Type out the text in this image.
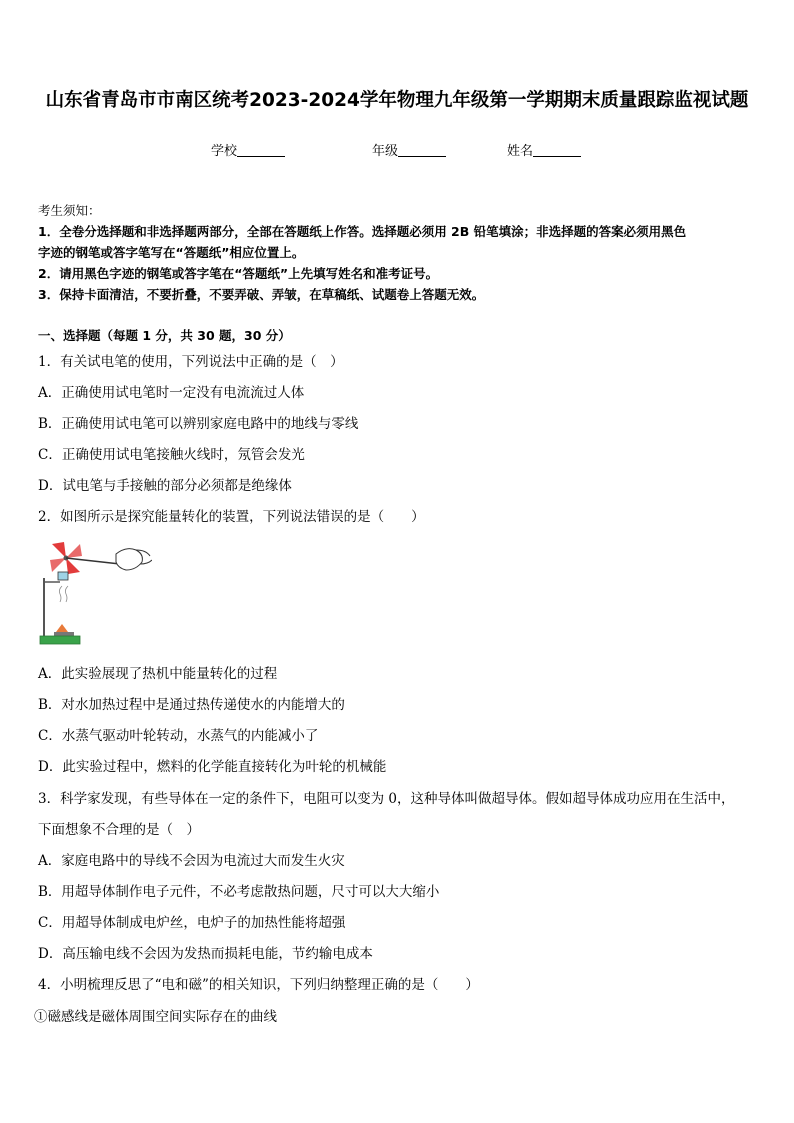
山东省青岛市市南区统考2023-2024学年物理九年级第一学期期末质量跟踪监视试题
学校	年级	姓名
考生须知：
1．全卷分选择题和非选择题两部分，全部在答题纸上作答。选择题必须用 2B 铅笔填涂；非选择题的答案必须用黑色
字迹的钢笔或答字笔写在“答题纸”相应位置上。
2．请用黑色字迹的钢笔或答字笔在“答题纸”上先填写姓名和准考证号。
3．保持卡面清洁，不要折叠，不要弄破、弄皱，在草稿纸、试题卷上答题无效。
一、选择题（每题 1 分，共 30 题，30 分）
1．有关试电笔的使用，下列说法中正确的是（　）
A．正确使用试电笔时一定没有电流流过人体
B．正确使用试电笔可以辨别家庭电路中的地线与零线
C．正确使用试电笔接触火线时，氖管会发光
D．试电笔与手接触的部分必须都是绝缘体
2．如图所示是探究能量转化的装置，下列说法错误的是（　　）
A．此实验展现了热机中能量转化的过程
B．对水加热过程中是通过热传递使水的内能增大的
C．水蒸气驱动叶轮转动，水蒸气的内能减小了
D．此实验过程中，燃料的化学能直接转化为叶轮的机械能
3．科学家发现，有些导体在一定的条件下，电阻可以变为 0，这种导体叫做超导体。假如超导体成功应用在生活中，
下面想象不合理的是（　）
A．家庭电路中的导线不会因为电流过大而发生火灾
B．用超导体制作电子元件，不必考虑散热问题，尺寸可以大大缩小
C．用超导体制成电炉丝，电炉子的加热性能将超强
D．高压输电线不会因为发热而损耗电能，节约输电成本
4．小明梳理反思了“电和磁”的相关知识，下列归纳整理正确的是（　　）
①磁感线是磁体周围空间实际存在的曲线
